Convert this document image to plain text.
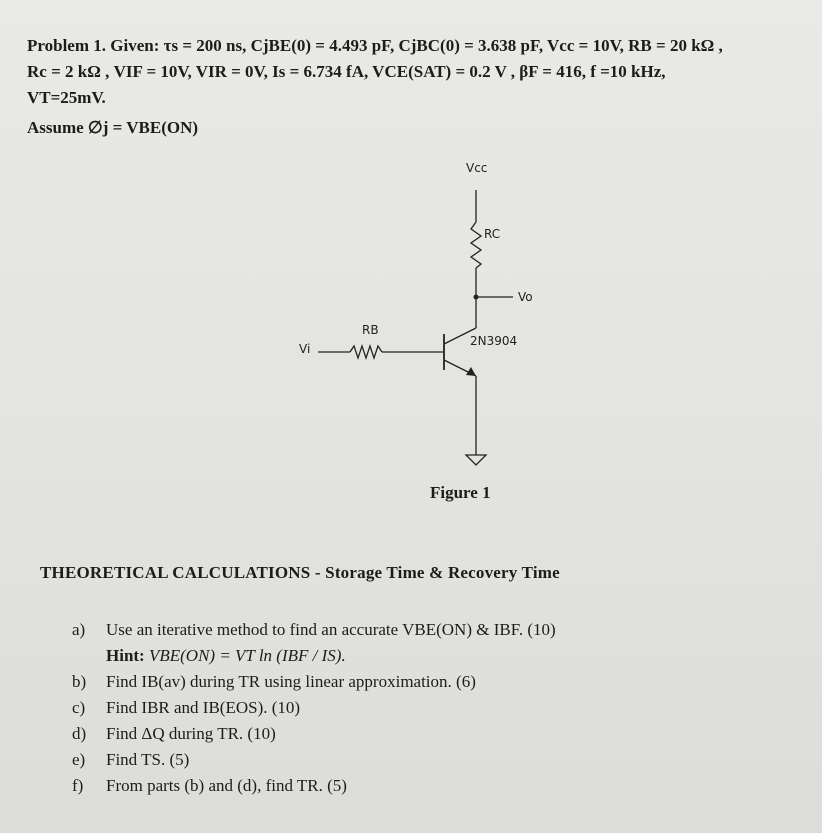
Problem 1. Given: τs = 200 ns, CjBE(0) = 4.493 pF, CjBC(0) = 3.638 pF, Vcc = 10V, RB = 20 kΩ ,
Rc = 2 kΩ , VIF = 10V, VIR = 0V, Is = 6.734 fA, VCE(SAT) = 0.2 V , βF = 416, f =10 kHz,
VT=25mV.
Assume ∅j = VBE(ON)
Vcc
RC
Vo
2N3904
Vi
RB
Figure 1
THEORETICAL CALCULATIONS - Storage Time & Recovery Time
a)	Use an iterative method to find an accurate VBE(ON) & IBF. (10)
Hint: VBE(ON) = VT ln (IBF / IS).
b)	Find IB(av) during TR using linear approximation. (6)
c)	Find IBR and IB(EOS). (10)
d)	Find ΔQ during TR. (10)
e)	Find TS. (5)
f)	From parts (b) and (d), find TR. (5)
